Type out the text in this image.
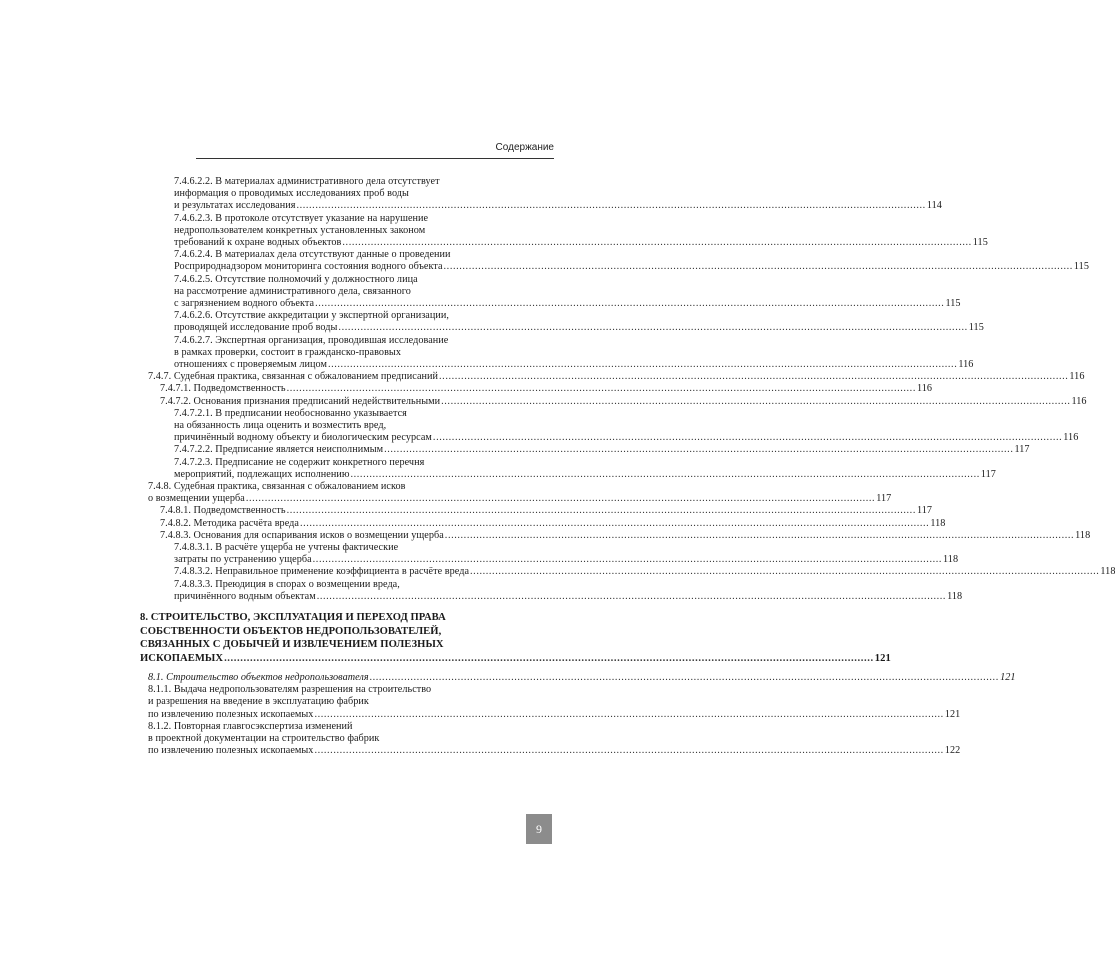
Содержание
7.4.6.2.2. В материалах административного дела отсутствует
информация о проводимых исследованиях проб воды
и результатах исследования ........................................................................................................................................................................................................ 114
7.4.6.2.3. В протоколе отсутствует указание на нарушение
недропользователем конкретных установленных законом
требований к охране водных объектов ........................................................................................................................................................................................................ 115
7.4.6.2.4. В материалах дела отсутствуют данные о проведении
Росприроднадзором мониторинга состояния водного объекта ........................................................................................................................................................................................................ 115
7.4.6.2.5. Отсутствие полномочий у должностного лица
на рассмотрение административного дела, связанного
с загрязнением водного объекта ........................................................................................................................................................................................................ 115
7.4.6.2.6. Отсутствие аккредитации у экспертной организации,
проводящей исследование проб воды ........................................................................................................................................................................................................ 115
7.4.6.2.7. Экспертная организация, проводившая исследование
в рамках проверки, состоит в гражданско-правовых
отношениях с проверяемым лицом ........................................................................................................................................................................................................ 116
7.4.7. Судебная практика, связанная с обжалованием предписаний ........................................................................................................................................................................................................ 116
7.4.7.1. Подведомственность ........................................................................................................................................................................................................ 116
7.4.7.2. Основания признания предписаний недействительными ........................................................................................................................................................................................................ 116
7.4.7.2.1. В предписании необоснованно указывается
на обязанность лица оценить и возместить вред,
причинённый водному объекту и биологическим ресурсам ........................................................................................................................................................................................................ 116
7.4.7.2.2. Предписание является неисполнимым ........................................................................................................................................................................................................ 117
7.4.7.2.3. Предписание не содержит конкретного перечня
мероприятий, подлежащих исполнению ........................................................................................................................................................................................................ 117
7.4.8. Судебная практика, связанная с обжалованием исков
о возмещении ущерба ........................................................................................................................................................................................................ 117
7.4.8.1. Подведомственность ........................................................................................................................................................................................................ 117
7.4.8.2. Методика расчёта вреда ........................................................................................................................................................................................................ 118
7.4.8.3. Основания для оспаривания исков о возмещении ущерба ........................................................................................................................................................................................................ 118
7.4.8.3.1. В расчёте ущерба не учтены фактические
затраты по устранению ущерба ........................................................................................................................................................................................................ 118
7.4.8.3.2. Неправильное применение коэффициента в расчёте вреда ........................................................................................................................................................................................................ 118
7.4.8.3.3. Преюдиция в спорах о возмещении вреда,
причинённого водным объектам ........................................................................................................................................................................................................ 118
8. СТРОИТЕЛЬСТВО, ЭКСПЛУАТАЦИЯ И ПЕРЕХОД ПРАВА
СОБСТВЕННОСТИ ОБЪЕКТОВ НЕДРОПОЛЬЗОВАТЕЛЕЙ,
СВЯЗАННЫХ С ДОБЫЧЕЙ И ИЗВЛЕЧЕНИЕМ ПОЛЕЗНЫХ
ИСКОПАЕМЫХ ........................................................................................................................................................................................................ 121
8.1. Строительство объектов недропользователя ........................................................................................................................................................................................................ 121
8.1.1. Выдача недропользователям разрешения на строительство
и разрешения на введение в эксплуатацию фабрик
по извлечению полезных ископаемых ........................................................................................................................................................................................................ 121
8.1.2. Повторная главгосэкспертиза изменений
в проектной документации на строительство фабрик
по извлечению полезных ископаемых ........................................................................................................................................................................................................ 122
9
